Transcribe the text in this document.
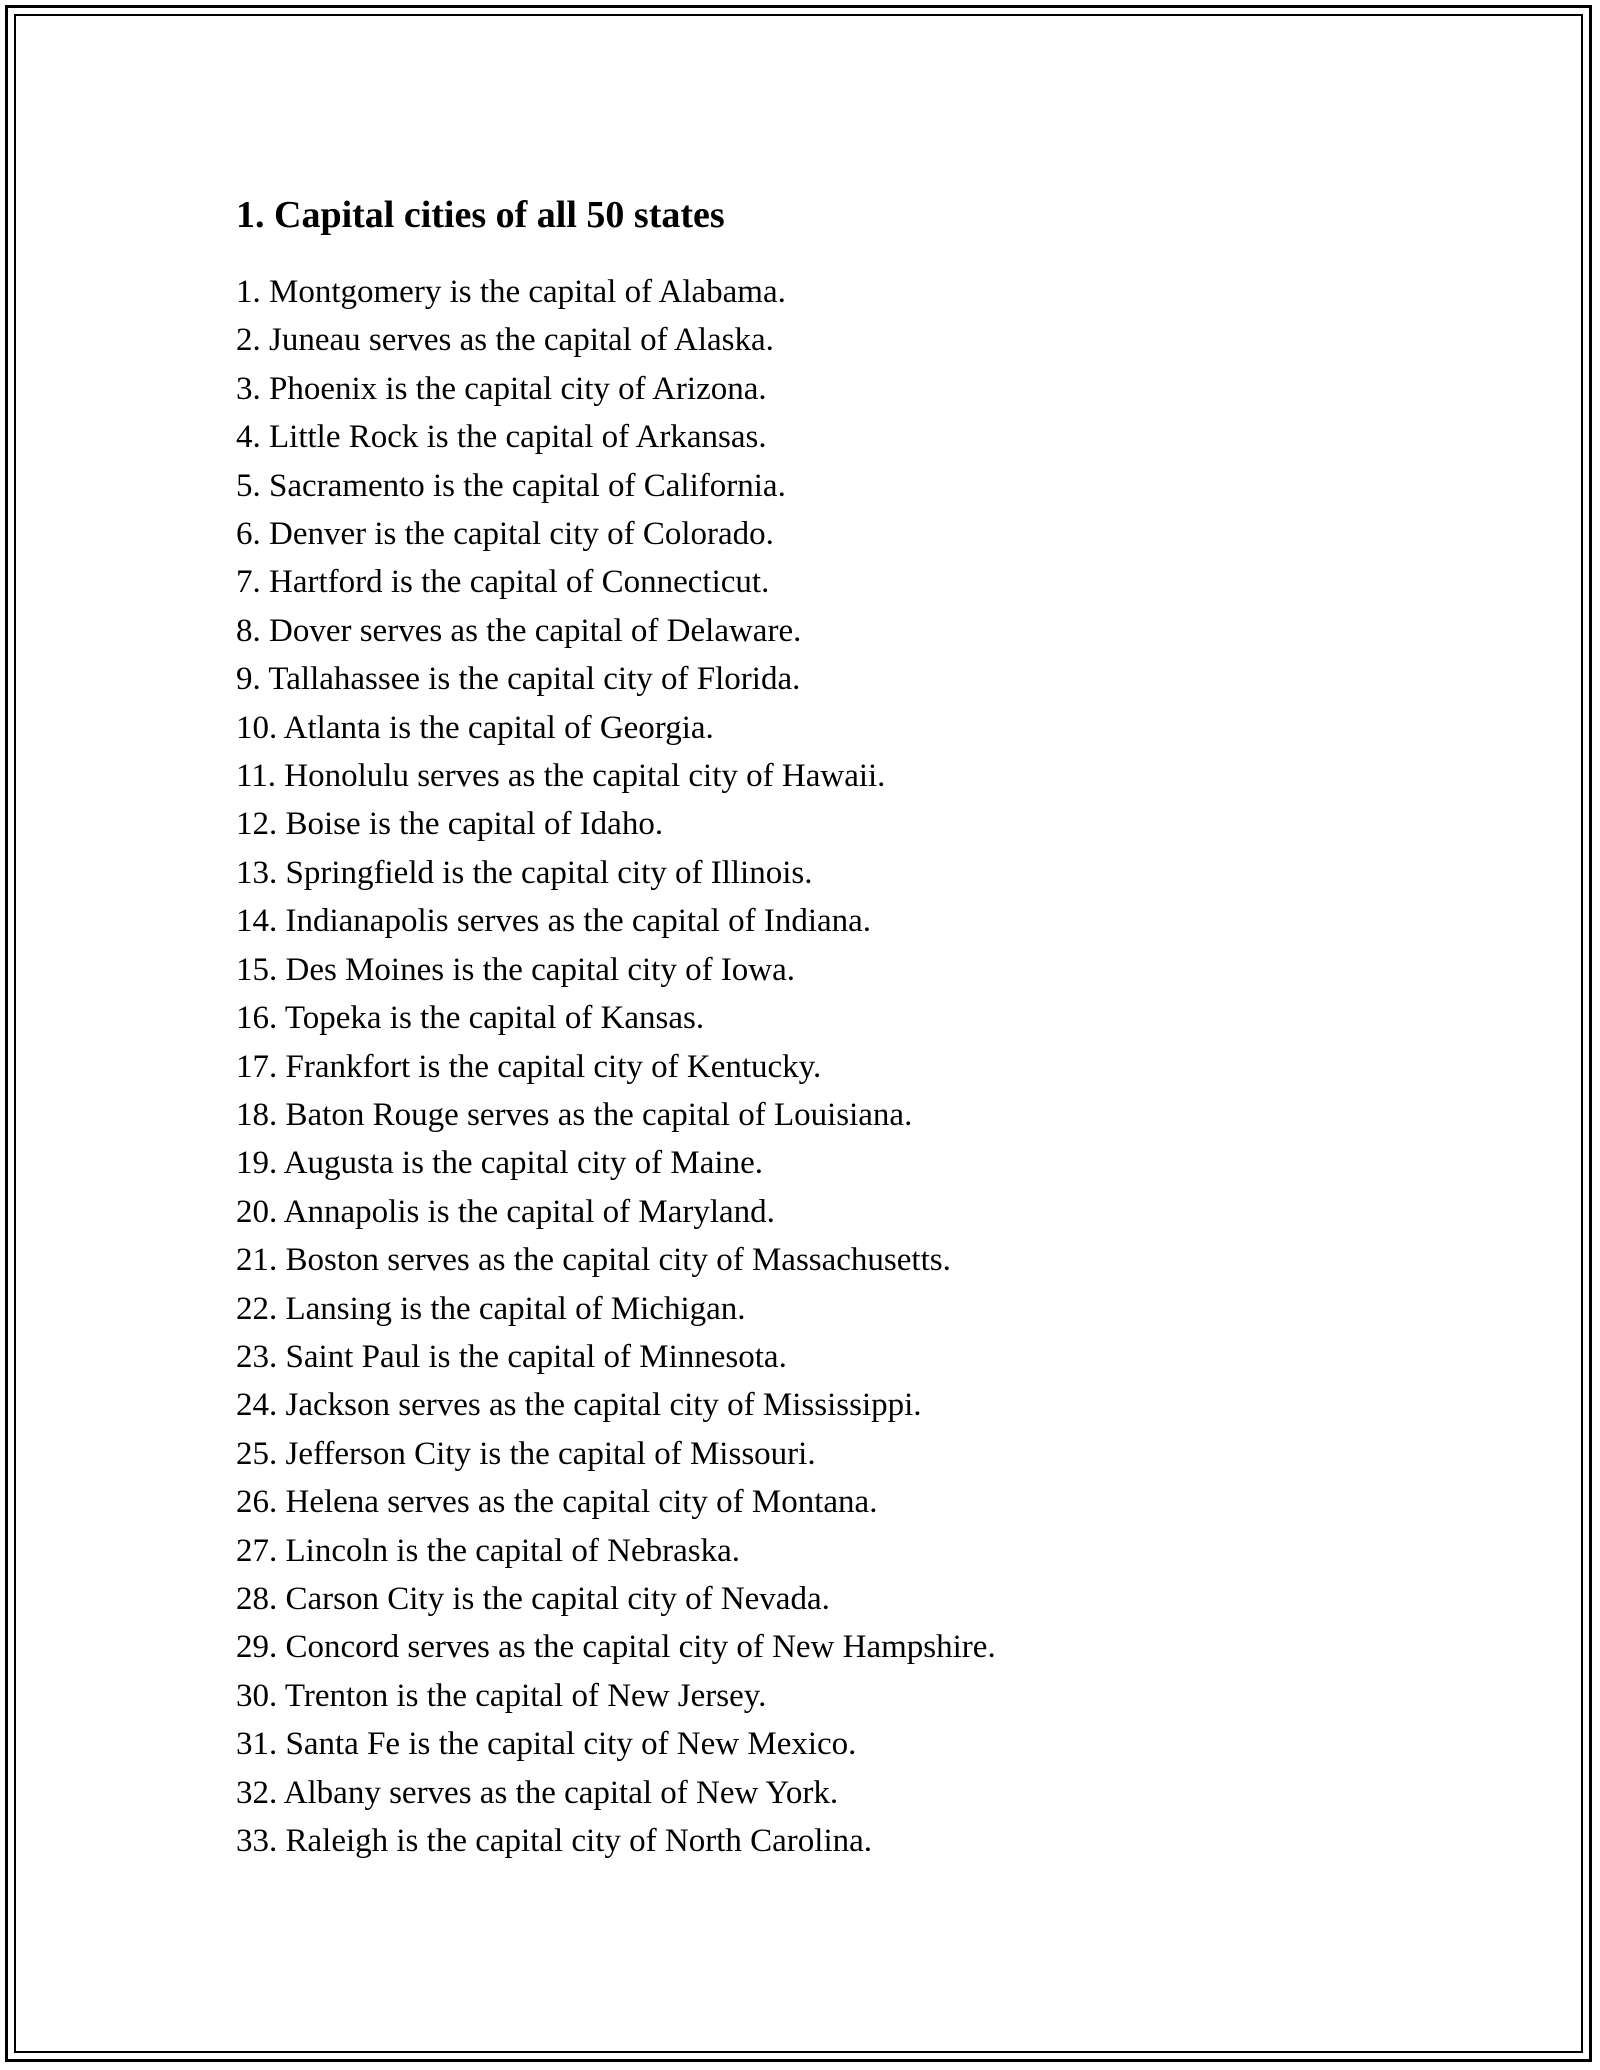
1. Capital cities of all 50 states
1. Montgomery is the capital of Alabama.
2. Juneau serves as the capital of Alaska.
3. Phoenix is the capital city of Arizona.
4. Little Rock is the capital of Arkansas.
5. Sacramento is the capital of California.
6. Denver is the capital city of Colorado.
7. Hartford is the capital of Connecticut.
8. Dover serves as the capital of Delaware.
9. Tallahassee is the capital city of Florida.
10. Atlanta is the capital of Georgia.
11. Honolulu serves as the capital city of Hawaii.
12. Boise is the capital of Idaho.
13. Springfield is the capital city of Illinois.
14. Indianapolis serves as the capital of Indiana.
15. Des Moines is the capital city of Iowa.
16. Topeka is the capital of Kansas.
17. Frankfort is the capital city of Kentucky.
18. Baton Rouge serves as the capital of Louisiana.
19. Augusta is the capital city of Maine.
20. Annapolis is the capital of Maryland.
21. Boston serves as the capital city of Massachusetts.
22. Lansing is the capital of Michigan.
23. Saint Paul is the capital of Minnesota.
24. Jackson serves as the capital city of Mississippi.
25. Jefferson City is the capital of Missouri.
26. Helena serves as the capital city of Montana.
27. Lincoln is the capital of Nebraska.
28. Carson City is the capital city of Nevada.
29. Concord serves as the capital city of New Hampshire.
30. Trenton is the capital of New Jersey.
31. Santa Fe is the capital city of New Mexico.
32. Albany serves as the capital of New York.
33. Raleigh is the capital city of North Carolina.
